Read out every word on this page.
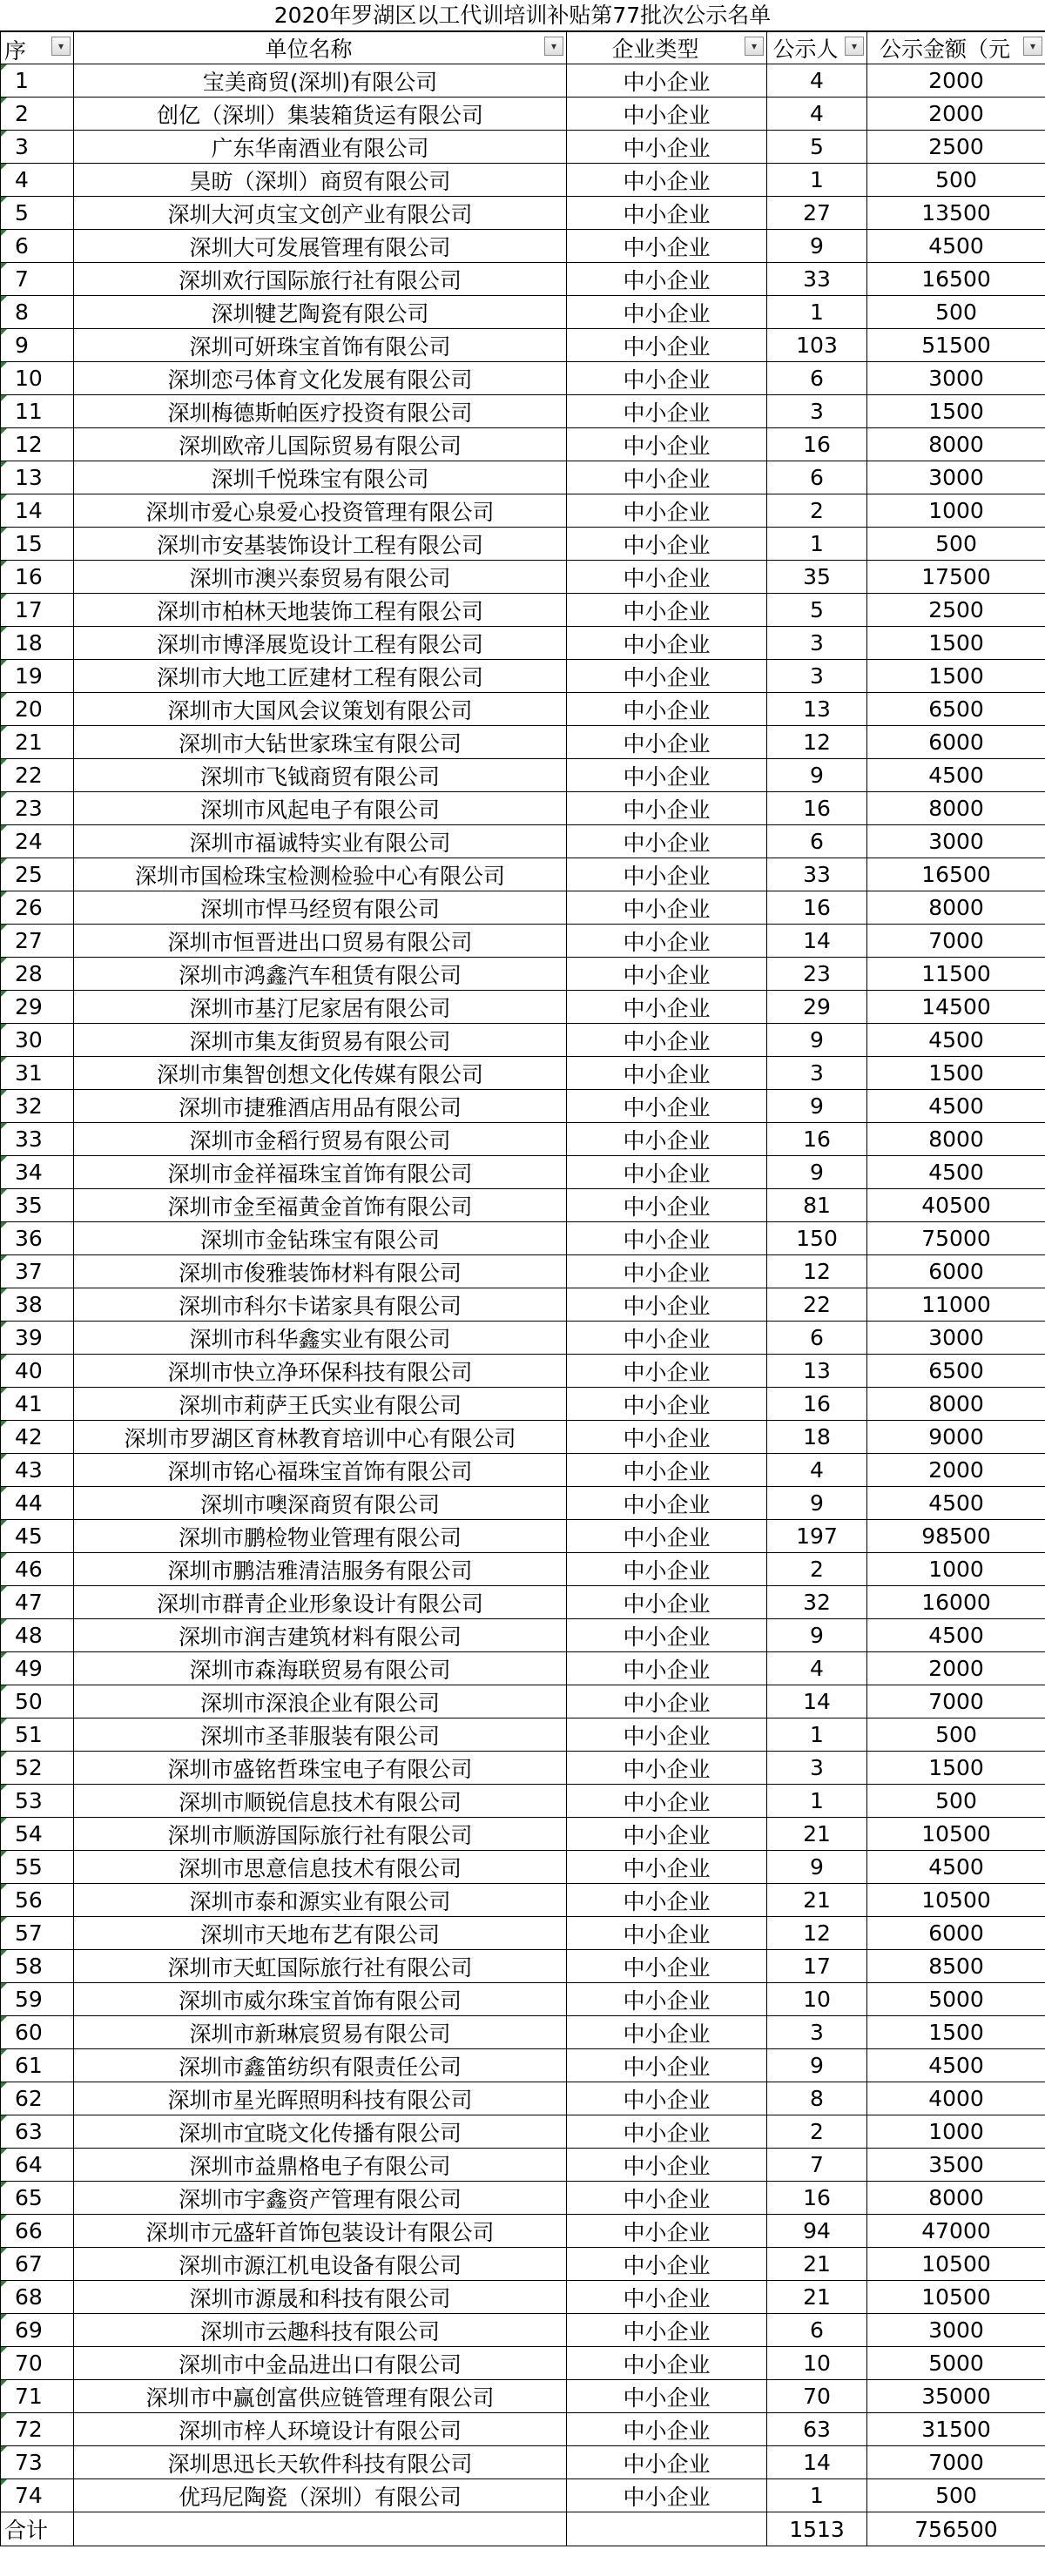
2020年罗湖区以工代训培训补贴第77批次公示名单
序 ▾	单位名称 ▾	企业类型 ▾	公示人 ▾	公示金额（元 ▾

1	宝美商贸(深圳)有限公司	中小企业	4	2000
2	创亿（深圳）集装箱货运有限公司	中小企业	4	2000
3	广东华南酒业有限公司	中小企业	5	2500
4	昊昉（深圳）商贸有限公司	中小企业	1	500
5	深圳大河贞宝文创产业有限公司	中小企业	27	13500
6	深圳大可发展管理有限公司	中小企业	9	4500
7	深圳欢行国际旅行社有限公司	中小企业	33	16500
8	深圳犍艺陶瓷有限公司	中小企业	1	500
9	深圳可妍珠宝首饰有限公司	中小企业	103	51500
10	深圳恋弓体育文化发展有限公司	中小企业	6	3000
11	深圳梅德斯帕医疗投资有限公司	中小企业	3	1500
12	深圳欧帝儿国际贸易有限公司	中小企业	16	8000
13	深圳千悦珠宝有限公司	中小企业	6	3000
14	深圳市爱心泉爱心投资管理有限公司	中小企业	2	1000
15	深圳市安基装饰设计工程有限公司	中小企业	1	500
16	深圳市澳兴泰贸易有限公司	中小企业	35	17500
17	深圳市柏林天地装饰工程有限公司	中小企业	5	2500
18	深圳市博泽展览设计工程有限公司	中小企业	3	1500
19	深圳市大地工匠建材工程有限公司	中小企业	3	1500
20	深圳市大国风会议策划有限公司	中小企业	13	6500
21	深圳市大钻世家珠宝有限公司	中小企业	12	6000
22	深圳市飞钺商贸有限公司	中小企业	9	4500
23	深圳市风起电子有限公司	中小企业	16	8000
24	深圳市福诚特实业有限公司	中小企业	6	3000
25	深圳市国检珠宝检测检验中心有限公司	中小企业	33	16500
26	深圳市悍马经贸有限公司	中小企业	16	8000
27	深圳市恒晋进出口贸易有限公司	中小企业	14	7000
28	深圳市鸿鑫汽车租赁有限公司	中小企业	23	11500
29	深圳市基汀尼家居有限公司	中小企业	29	14500
30	深圳市集友街贸易有限公司	中小企业	9	4500
31	深圳市集智创想文化传媒有限公司	中小企业	3	1500
32	深圳市捷雅酒店用品有限公司	中小企业	9	4500
33	深圳市金稻行贸易有限公司	中小企业	16	8000
34	深圳市金祥福珠宝首饰有限公司	中小企业	9	4500
35	深圳市金至福黄金首饰有限公司	中小企业	81	40500
36	深圳市金钻珠宝有限公司	中小企业	150	75000
37	深圳市俊雅装饰材料有限公司	中小企业	12	6000
38	深圳市科尔卡诺家具有限公司	中小企业	22	11000
39	深圳市科华鑫实业有限公司	中小企业	6	3000
40	深圳市快立净环保科技有限公司	中小企业	13	6500
41	深圳市莉萨王氏实业有限公司	中小企业	16	8000
42	深圳市罗湖区育林教育培训中心有限公司	中小企业	18	9000
43	深圳市铭心福珠宝首饰有限公司	中小企业	4	2000
44	深圳市噢深商贸有限公司	中小企业	9	4500
45	深圳市鹏检物业管理有限公司	中小企业	197	98500
46	深圳市鹏洁雅清洁服务有限公司	中小企业	2	1000
47	深圳市群青企业形象设计有限公司	中小企业	32	16000
48	深圳市润吉建筑材料有限公司	中小企业	9	4500
49	深圳市森海联贸易有限公司	中小企业	4	2000
50	深圳市深浪企业有限公司	中小企业	14	7000
51	深圳市圣菲服装有限公司	中小企业	1	500
52	深圳市盛铭哲珠宝电子有限公司	中小企业	3	1500
53	深圳市顺锐信息技术有限公司	中小企业	1	500
54	深圳市顺游国际旅行社有限公司	中小企业	21	10500
55	深圳市思意信息技术有限公司	中小企业	9	4500
56	深圳市泰和源实业有限公司	中小企业	21	10500
57	深圳市天地布艺有限公司	中小企业	12	6000
58	深圳市天虹国际旅行社有限公司	中小企业	17	8500
59	深圳市威尔珠宝首饰有限公司	中小企业	10	5000
60	深圳市新琳宸贸易有限公司	中小企业	3	1500
61	深圳市鑫笛纺织有限责任公司	中小企业	9	4500
62	深圳市星光晖照明科技有限公司	中小企业	8	4000
63	深圳市宜晓文化传播有限公司	中小企业	2	1000
64	深圳市益鼎格电子有限公司	中小企业	7	3500
65	深圳市宇鑫资产管理有限公司	中小企业	16	8000
66	深圳市元盛轩首饰包装设计有限公司	中小企业	94	47000
67	深圳市源江机电设备有限公司	中小企业	21	10500
68	深圳市源晟和科技有限公司	中小企业	21	10500
69	深圳市云趣科技有限公司	中小企业	6	3000
70	深圳市中金品进出口有限公司	中小企业	10	5000
71	深圳市中赢创富供应链管理有限公司	中小企业	70	35000
72	深圳市梓人环境设计有限公司	中小企业	63	31500
73	深圳思迅长天软件科技有限公司	中小企业	14	7000
74	优玛尼陶瓷（深圳）有限公司	中小企业	1	500
合计			1513	756500
